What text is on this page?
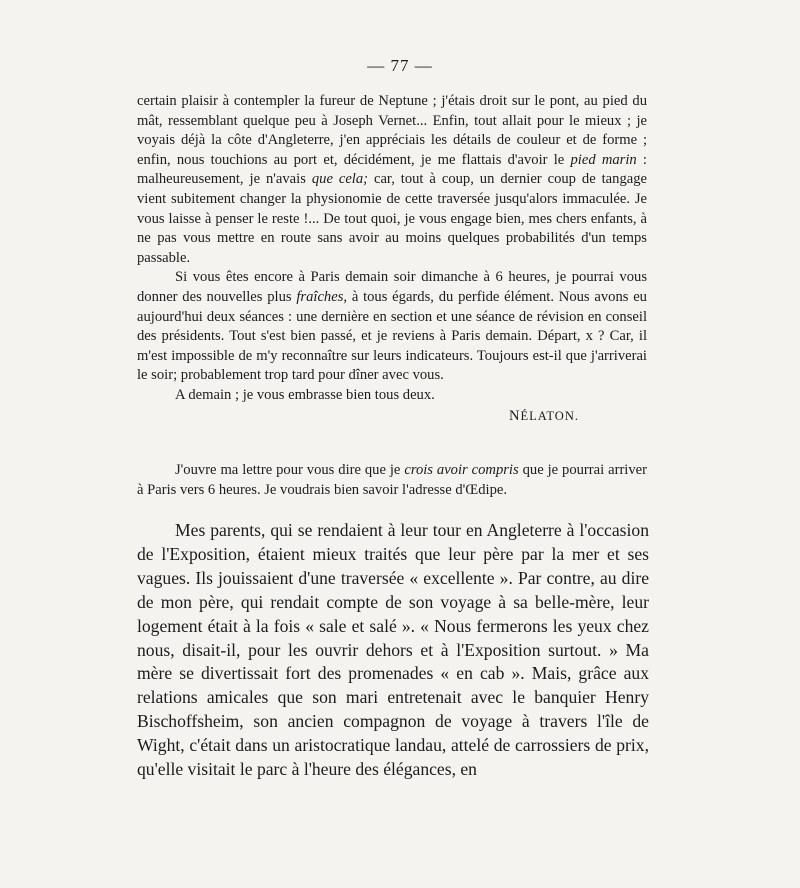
— 77 —

certain plaisir à contempler la fureur de Neptune ; j'étais droit sur le pont, au pied du mât, ressemblant quelque peu à Joseph Vernet... Enfin, tout allait pour le mieux ; je voyais déjà la côte d'Angleterre, j'en appréciais les détails de couleur et de forme ; enfin, nous touchions au port et, décidément, je me flattais d'avoir le pied marin : malheureusement, je n'avais que cela; car, tout à coup, un dernier coup de tangage vient subitement changer la physionomie de cette traversée jusqu'alors immaculée. Je vous laisse à penser le reste !... De tout quoi, je vous engage bien, mes chers enfants, à ne pas vous mettre en route sans avoir au moins quelques probabilités d'un temps passable.

Si vous êtes encore à Paris demain soir dimanche à 6 heures, je pourrai vous donner des nouvelles plus fraîches, à tous égards, du perfide élément. Nous avons eu aujourd'hui deux séances : une dernière en section et une séance de révision en conseil des présidents. Tout s'est bien passé, et je reviens à Paris demain. Départ, x ? Car, il m'est impossible de m'y reconnaître sur leurs indicateurs. Toujours est-il que j'arriverai le soir; probablement trop tard pour dîner avec vous.

A demain ; je vous embrasse bien tous deux.

NÉLATON.

J'ouvre ma lettre pour vous dire que je crois avoir compris que je pourrai arriver à Paris vers 6 heures. Je voudrais bien savoir l'adresse d'Œdipe.

Mes parents, qui se rendaient à leur tour en Angleterre à l'occasion de l'Exposition, étaient mieux traités que leur père par la mer et ses vagues. Ils jouissaient d'une traversée « excellente ». Par contre, au dire de mon père, qui rendait compte de son voyage à sa belle-mère, leur logement était à la fois « sale et salé ». « Nous fermerons les yeux chez nous, disait-il, pour les ouvrir dehors et à l'Exposition surtout. » Ma mère se divertissait fort des promenades « en cab ». Mais, grâce aux relations amicales que son mari entretenait avec le banquier Henry Bischoffsheim, son ancien compagnon de voyage à travers l'île de Wight, c'était dans un aristocratique landau, attelé de carrossiers de prix, qu'elle visitait le parc à l'heure des élégances, en
